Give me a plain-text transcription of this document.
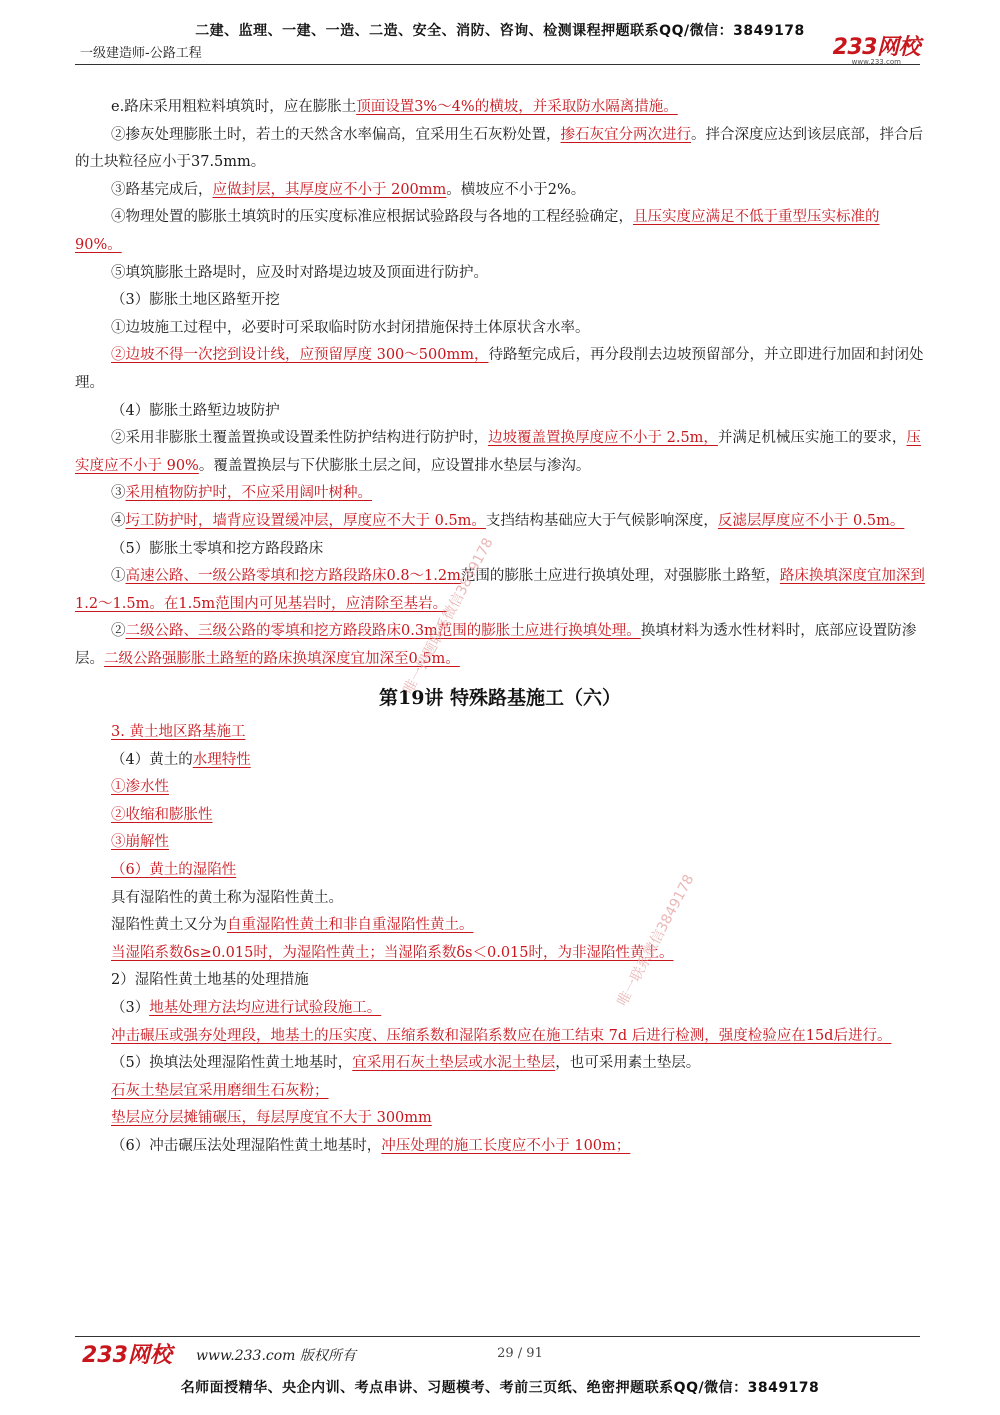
二建、监理、一建、一造、二造、安全、消防、咨询、检测课程押题联系QQ/微信：3849178
一级建造师-公路工程	233网校
www.233.com

e.路床采用粗粒料填筑时，应在膨胀土顶面设置3%～4%的横坡，并采取防水隔离措施。

②掺灰处理膨胀土时，若土的天然含水率偏高，宜采用生石灰粉处置，掺石灰宜分两次进行。拌合深度应达到该层底部，拌合后的土块粒径应小于37.5mm。

③路基完成后，应做封层，其厚度应不小于 200mm。横坡应不小于2%。

④物理处置的膨胀土填筑时的压实度标准应根据试验路段与各地的工程经验确定，且压实度应满足不低于重型压实标准的90%。

⑤填筑膨胀土路堤时，应及时对路堤边坡及顶面进行防护。

（3）膨胀土地区路堑开挖

①边坡施工过程中，必要时可采取临时防水封闭措施保持土体原状含水率。

②边坡不得一次挖到设计线，应预留厚度 300～500mm，待路堑完成后，再分段削去边坡预留部分，并立即进行加固和封闭处理。

（4）膨胀土路堑边坡防护

②采用非膨胀土覆盖置换或设置柔性防护结构进行防护时，边坡覆盖置换厚度应不小于 2.5m，并满足机械压实施工的要求，压实度应不小于 90%。覆盖置换层与下伏膨胀土层之间，应设置排水垫层与渗沟。

③采用植物防护时，不应采用阔叶树种。

④圬工防护时，墙背应设置缓冲层，厚度应不大于 0.5m。支挡结构基础应大于气候影响深度，反滤层厚度应不小于 0.5m。

（5）膨胀土零填和挖方路段路床

①高速公路、一级公路零填和挖方路段路床0.8～1.2m范围的膨胀土应进行换填处理，对强膨胀土路堑，路床换填深度宜加深到1.2～1.5m。在1.5m范围内可见基岩时，应清除至基岩。

②二级公路、三级公路的零填和挖方路段路床0.3m范围的膨胀土应进行换填处理。换填材料为透水性材料时，底部应设置防渗层。二级公路强膨胀土路堑的路床换填深度宜加深至0.5m。

第19讲 特殊路基施工（六）

3. 黄土地区路基施工

（4）黄土的水理特性

①渗水性

②收缩和膨胀性

③崩解性

（6）黄土的湿陷性

具有湿陷性的黄土称为湿陷性黄土。

湿陷性黄土又分为自重湿陷性黄土和非自重湿陷性黄土。

当湿陷系数δs≥0.015时，为湿陷性黄土；当湿陷系数δs＜0.015时，为非湿陷性黄土。

2）湿陷性黄土地基的处理措施

（3）地基处理方法均应进行试验段施工。

冲击碾压或强夯处理段，地基土的压实度、压缩系数和湿陷系数应在施工结束 7d 后进行检测，强度检验应在15d后进行。

（5）换填法处理湿陷性黄土地基时，宜采用石灰土垫层或水泥土垫层，也可采用素土垫层。

石灰土垫层宜采用磨细生石灰粉；

垫层应分层摊铺碾压，每层厚度宜不大于 300mm

（6）冲击碾压法处理湿陷性黄土地基时，冲压处理的施工长度应不小于 100m；

唯一押题联系微信3849178
唯一联系微信3849178
233网校 www.233.com 版权所有	29 / 91
名师面授精华、央企内训、考点串讲、习题模考、考前三页纸、绝密押题联系QQ/微信：3849178
